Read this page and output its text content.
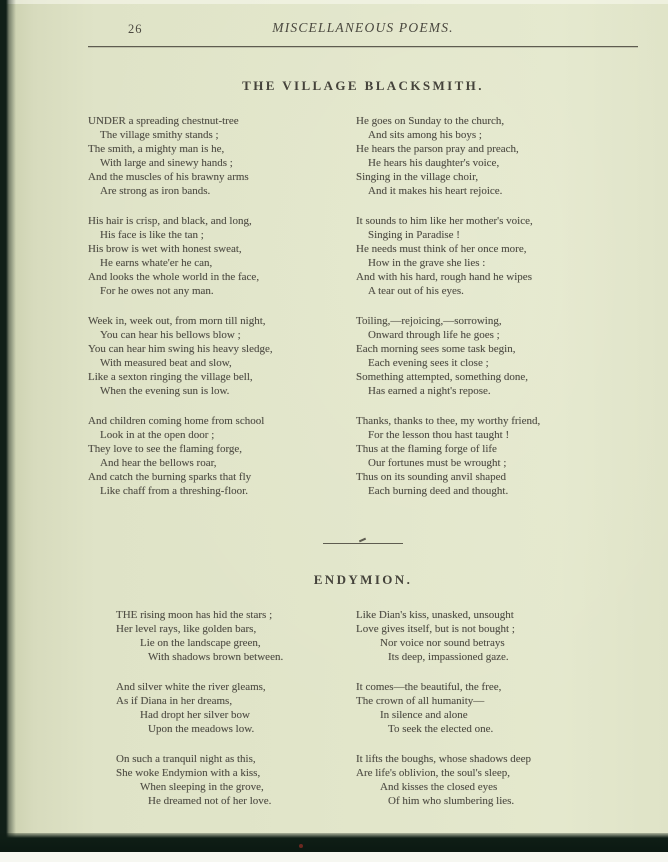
26	MISCELLANEOUS POEMS.
THE VILLAGE BLACKSMITH.
UNDER a spreading chestnut-tree
The village smithy stands ;
The smith, a mighty man is he,
With large and sinewy hands ;
And the muscles of his brawny arms
Are strong as iron bands.
His hair is crisp, and black, and long,
His face is like the tan ;
His brow is wet with honest sweat,
He earns whate'er he can,
And looks the whole world in the face,
For he owes not any man.
Week in, week out, from morn till night,
You can hear his bellows blow ;
You can hear him swing his heavy sledge,
With measured beat and slow,
Like a sexton ringing the village bell,
When the evening sun is low.
And children coming home from school
Look in at the open door ;
They love to see the flaming forge,
And hear the bellows roar,
And catch the burning sparks that fly
Like chaff from a threshing-floor.
He goes on Sunday to the church,
And sits among his boys ;
He hears the parson pray and preach,
He hears his daughter's voice,
Singing in the village choir,
And it makes his heart rejoice.
It sounds to him like her mother's voice,
Singing in Paradise !
He needs must think of her once more,
How in the grave she lies :
And with his hard, rough hand he wipes
A tear out of his eyes.
Toiling,—rejoicing,—sorrowing,
Onward through life he goes ;
Each morning sees some task begin,
Each evening sees it close ;
Something attempted, something done,
Has earned a night's repose.
Thanks, thanks to thee, my worthy friend,
For the lesson thou hast taught !
Thus at the flaming forge of life
Our fortunes must be wrought ;
Thus on its sounding anvil shaped
Each burning deed and thought.
ENDYMION.
THE rising moon has hid the stars ;
Her level rays, like golden bars,
Lie on the landscape green,
With shadows brown between.
And silver white the river gleams,
As if Diana in her dreams,
Had dropt her silver bow
Upon the meadows low.
On such a tranquil night as this,
She woke Endymion with a kiss,
When sleeping in the grove,
He dreamed not of her love.
Like Dian's kiss, unasked, unsought
Love gives itself, but is not bought ;
Nor voice nor sound betrays
Its deep, impassioned gaze.
It comes—the beautiful, the free,
The crown of all humanity—
In silence and alone
To seek the elected one.
It lifts the boughs, whose shadows deep
Are life's oblivion, the soul's sleep,
And kisses the closed eyes
Of him who slumbering lies.
